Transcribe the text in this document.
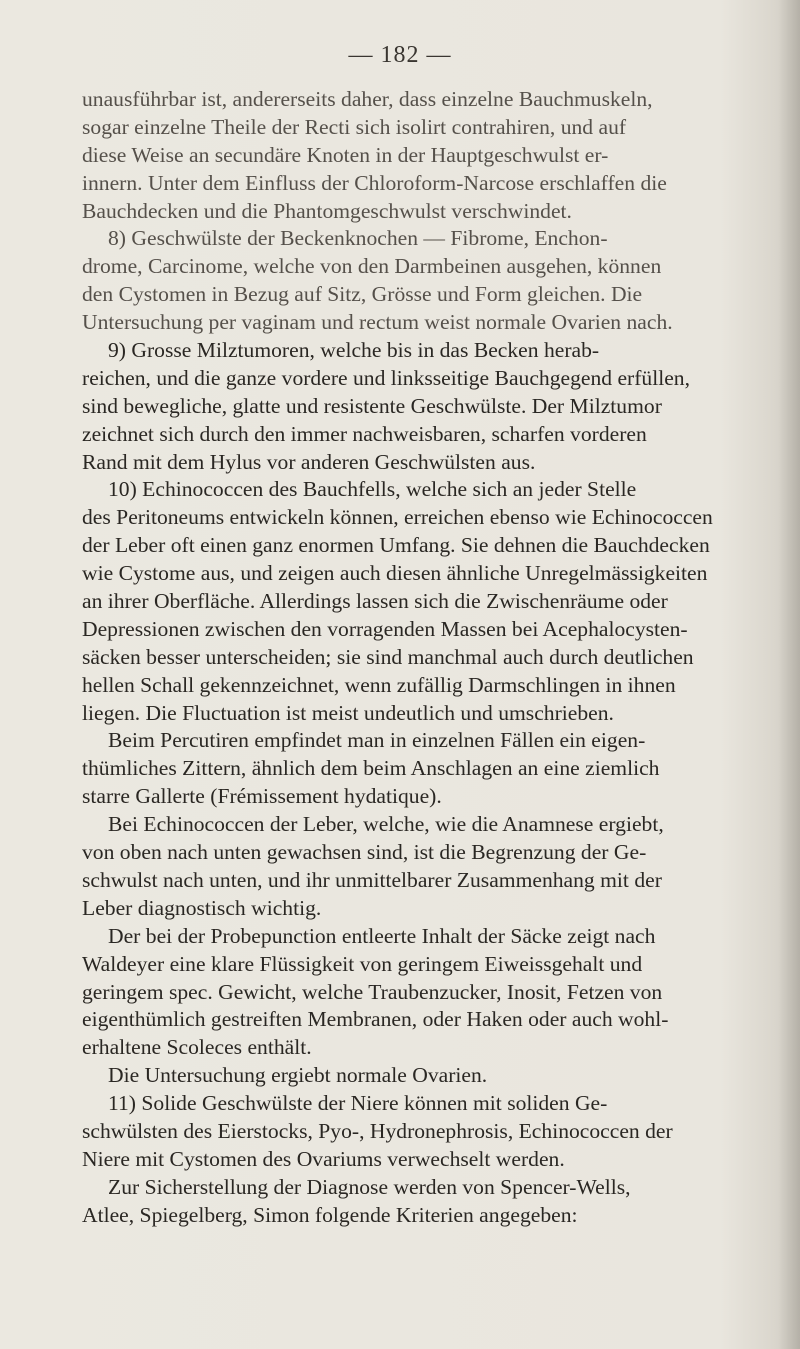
— 182 —
unausführbar ist, andererseits daher, dass einzelne Bauchmuskeln,
sogar einzelne Theile der Recti sich isolirt contrahiren, und auf
diese Weise an secundäre Knoten in der Hauptgeschwulst er-
innern. Unter dem Einfluss der Chloroform-Narcose erschlaffen die
Bauchdecken und die Phantomgeschwulst verschwindet.
8) Geschwülste der Beckenknochen — Fibrome, Enchon-
drome, Carcinome, welche von den Darmbeinen ausgehen, können
den Cystomen in Bezug auf Sitz, Grösse und Form gleichen. Die
Untersuchung per vaginam und rectum weist normale Ovarien nach.
9) Grosse Milztumoren, welche bis in das Becken herab-
reichen, und die ganze vordere und linksseitige Bauchgegend erfüllen,
sind bewegliche, glatte und resistente Geschwülste. Der Milztumor
zeichnet sich durch den immer nachweisbaren, scharfen vorderen
Rand mit dem Hylus vor anderen Geschwülsten aus.
10) Echinococcen des Bauchfells, welche sich an jeder Stelle
des Peritoneums entwickeln können, erreichen ebenso wie Echinococcen
der Leber oft einen ganz enormen Umfang. Sie dehnen die Bauchdecken
wie Cystome aus, und zeigen auch diesen ähnliche Unregelmässigkeiten
an ihrer Oberfläche. Allerdings lassen sich die Zwischenräume oder
Depressionen zwischen den vorragenden Massen bei Acephalocysten-
säcken besser unterscheiden; sie sind manchmal auch durch deutlichen
hellen Schall gekennzeichnet, wenn zufällig Darmschlingen in ihnen
liegen. Die Fluctuation ist meist undeutlich und umschrieben.
Beim Percutiren empfindet man in einzelnen Fällen ein eigen-
thümliches Zittern, ähnlich dem beim Anschlagen an eine ziemlich
starre Gallerte (Frémissement hydatique).
Bei Echinococcen der Leber, welche, wie die Anamnese ergiebt,
von oben nach unten gewachsen sind, ist die Begrenzung der Ge-
schwulst nach unten, und ihr unmittelbarer Zusammenhang mit der
Leber diagnostisch wichtig.
Der bei der Probepunction entleerte Inhalt der Säcke zeigt nach
Waldeyer eine klare Flüssigkeit von geringem Eiweissgehalt und
geringem spec. Gewicht, welche Traubenzucker, Inosit, Fetzen von
eigenthümlich gestreiften Membranen, oder Haken oder auch wohl-
erhaltene Scoleces enthält.
Die Untersuchung ergiebt normale Ovarien.
11) Solide Geschwülste der Niere können mit soliden Ge-
schwülsten des Eierstocks, Pyo-, Hydronephrosis, Echinococcen der
Niere mit Cystomen des Ovariums verwechselt werden.
Zur Sicherstellung der Diagnose werden von Spencer-Wells,
Atlee, Spiegelberg, Simon folgende Kriterien angegeben:
